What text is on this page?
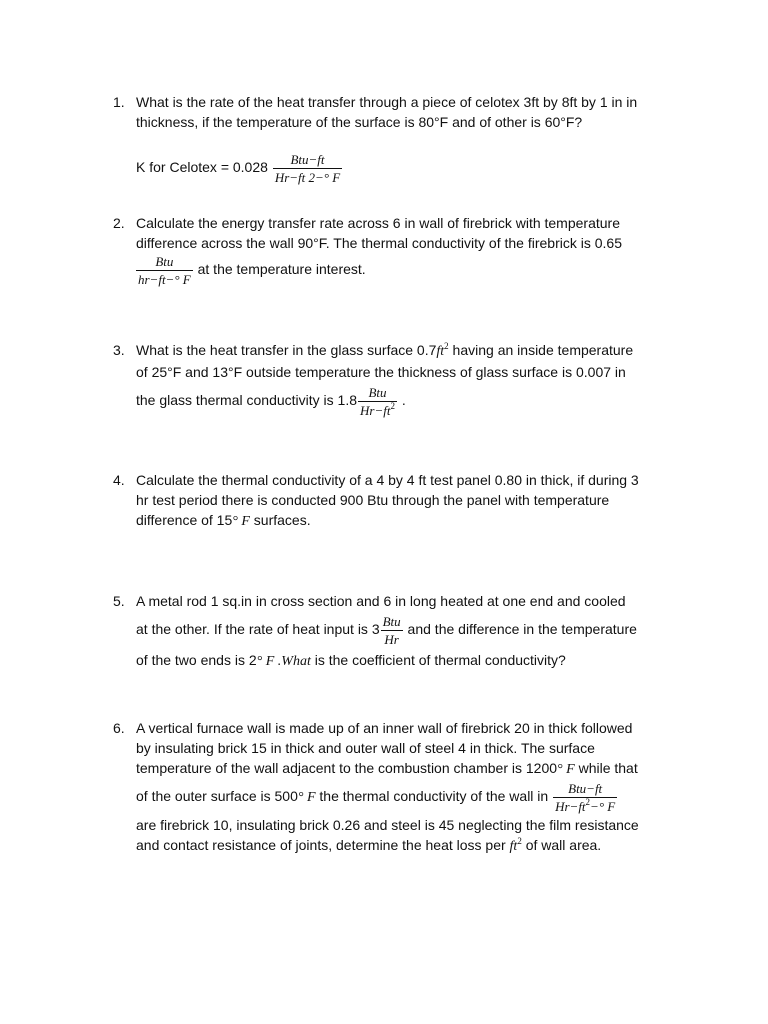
1. What is the rate of the heat transfer through a piece of celotex 3ft by 8ft by 1 in in
thickness, if the temperature of the surface is 80°F and of other is 60°F?
K for Celotex = $0.028 \frac{\text{Btu−ft}}{Hr-ft 2-^\circ F}$
2. Calculate the energy transfer rate across 6 in wall of firebrick with temperature
difference across the wall 90°F. The thermal conductivity of the firebrick is 0.65
$\frac{\text{Btu}}{hr-ft-^\circ F}$ at the temperature interest.
3. What is the heat transfer in the glass surface $0.7ft^2$ having an inside temperature
of 25°F and 13°F outside temperature the thickness of glass surface is 0.007 in
the glass thermal conductivity is $1.8 \frac{\text{Btu}}{Hr-ft^2}$ .
4. Calculate the thermal conductivity of a 4 by 4 ft test panel 0.80 in thick, if during 3
hr test period there is conducted 900 Btu through the panel with temperature
difference of 15° F surfaces.
5. A metal rod 1 sq.in in cross section and 6 in long heated at one end and cooled
at the other. If the rate of heat input is $3 \frac{\text{Btu}}{Hr}$ and the difference in the temperature
of the two ends is 2° F .What is the coefficient of thermal conductivity?
6. A vertical furnace wall is made up of an inner wall of firebrick 20 in thick followed
by insulating brick 15 in thick and outer wall of steel 4 in thick. The surface
temperature of the wall adjacent to the combustion chamber is 1200° F while that
of the outer surface is 500° F the thermal conductivity of the wall in $\frac{\text{Btu−ft}}{Hr-ft^2-^\circ F}$
are firebrick 10, insulating brick 0.26 and steel is 45 neglecting the film resistance
and contact resistance of joints, determine the heat loss per $ft^2$ of wall area.
